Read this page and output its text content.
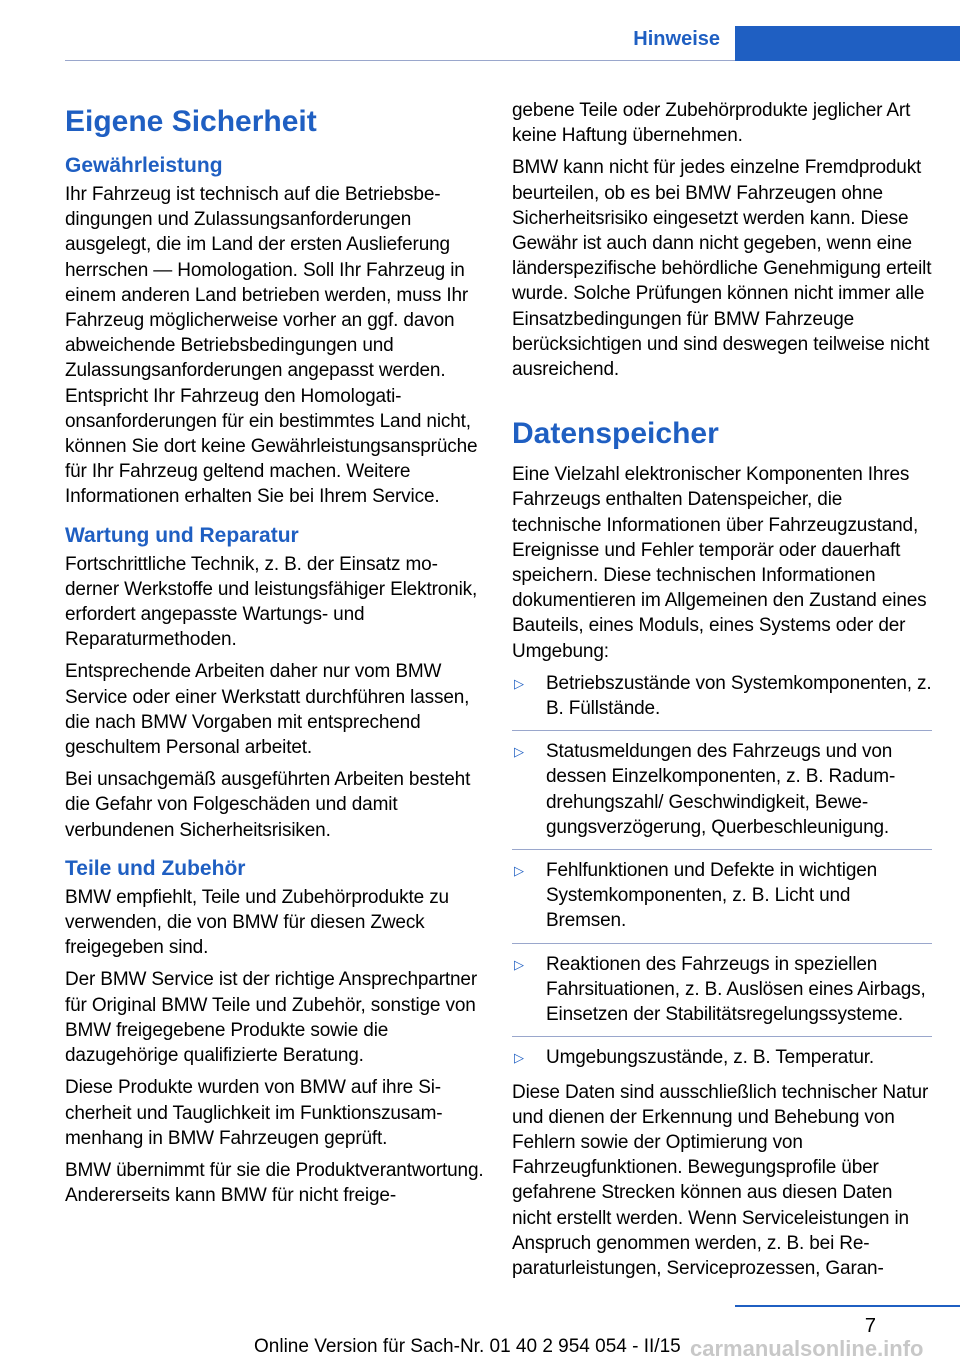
Hinweise
Eigene Sicherheit
Gewährleistung

Ihr Fahrzeug ist technisch auf die Betriebsbedingungen und Zulassungsanforderungen ausgelegt, die im Land der ersten Auslieferung herrschen — Homologation. Soll Ihr Fahrzeug in einem anderen Land betrieben werden, muss Ihr Fahrzeug möglicherweise vorher an ggf. davon abweichende Betriebsbedingungen und Zulassungsanforderungen angepasst werden. Entspricht Ihr Fahrzeug den Homologationsanforderungen für ein bestimmtes Land nicht, können Sie dort keine Gewährleistungsansprüche für Ihr Fahrzeug geltend machen. Weitere Informationen erhalten Sie bei Ihrem Service.

Wartung und Reparatur

Fortschrittliche Technik, z. B. der Einsatz moderner Werkstoffe und leistungsfähiger Elektronik, erfordert angepasste Wartungs- und Reparaturmethoden.

Entsprechende Arbeiten daher nur vom BMW Service oder einer Werkstatt durchführen lassen, die nach BMW Vorgaben mit entsprechend geschultem Personal arbeitet.

Bei unsachgemäß ausgeführten Arbeiten besteht die Gefahr von Folgeschäden und damit verbundenen Sicherheitsrisiken.

Teile und Zubehör

BMW empfiehlt, Teile und Zubehörprodukte zu verwenden, die von BMW für diesen Zweck freigegeben sind.

Der BMW Service ist der richtige Ansprechpartner für Original BMW Teile und Zubehör, sonstige von BMW freigegebene Produkte sowie die dazugehörige qualifizierte Beratung.

Diese Produkte wurden von BMW auf ihre Sicherheit und Tauglichkeit im Funktionszusammenhang in BMW Fahrzeugen geprüft.

BMW übernimmt für sie die Produktverantwortung. Andererseits kann BMW für nicht freige-

gebene Teile oder Zubehörprodukte jeglicher Art keine Haftung übernehmen.

BMW kann nicht für jedes einzelne Fremdprodukt beurteilen, ob es bei BMW Fahrzeugen ohne Sicherheitsrisiko eingesetzt werden kann. Diese Gewähr ist auch dann nicht gegeben, wenn eine länderspezifische behördliche Genehmigung erteilt wurde. Solche Prüfungen können nicht immer alle Einsatzbedingungen für BMW Fahrzeuge berücksichtigen und sind deswegen teilweise nicht ausreichend.

Datenspeicher

Eine Vielzahl elektronischer Komponenten Ihres Fahrzeugs enthalten Datenspeicher, die technische Informationen über Fahrzeugzustand, Ereignisse und Fehler temporär oder dauerhaft speichern. Diese technischen Informationen dokumentieren im Allgemeinen den Zustand eines Bauteils, eines Moduls, eines Systems oder der Umgebung:

▷ Betriebszustände von Systemkomponenten, z. B. Füllstände.
▷ Statusmeldungen des Fahrzeugs und von dessen Einzelkomponenten, z. B. Radumdrehungszahl/ Geschwindigkeit, Bewegungsverzögerung, Querbeschleunigung.
▷ Fehlfunktionen und Defekte in wichtigen Systemkomponenten, z. B. Licht und Bremsen.
▷ Reaktionen des Fahrzeugs in speziellen Fahrsituationen, z. B. Auslösen eines Airbags, Einsetzen der Stabilitätsregelungssysteme.
▷ Umgebungszustände, z. B. Temperatur.

Diese Daten sind ausschließlich technischer Natur und dienen der Erkennung und Behebung von Fehlern sowie der Optimierung von Fahrzeugfunktionen. Bewegungsprofile über gefahrene Strecken können aus diesen Daten nicht erstellt werden. Wenn Serviceleistungen in Anspruch genommen werden, z. B. bei Reparaturleistungen, Serviceprozessen, Garan-

7
Online Version für Sach-Nr. 01 40 2 954 054 - II/15 carmanualsonline.info
